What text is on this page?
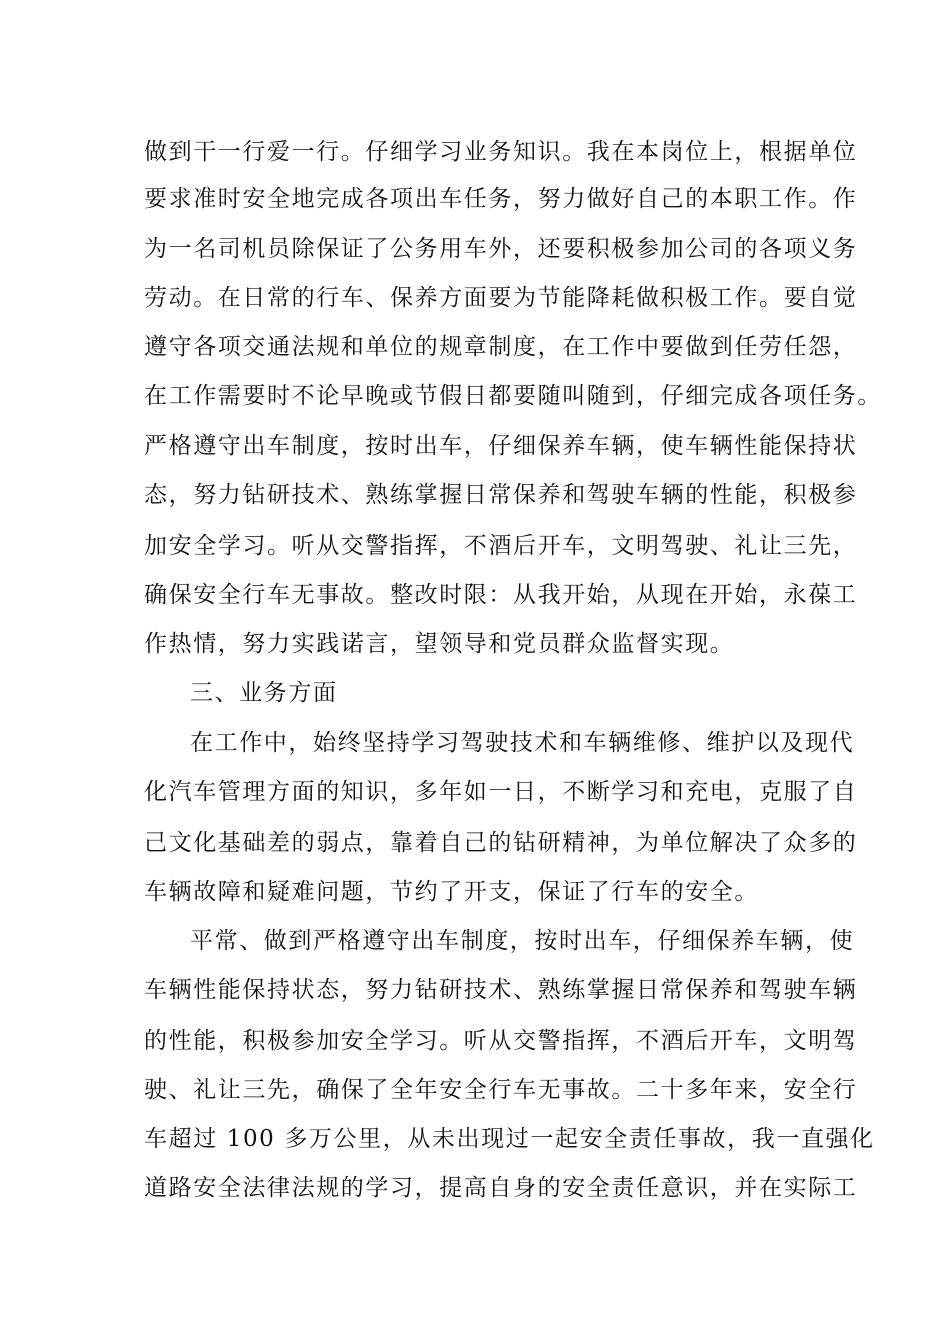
做到干一行爱一行。仔细学习业务知识。我在本岗位上，根据单位
要求准时安全地完成各项出车任务，努力做好自己的本职工作。作
为一名司机员除保证了公务用车外，还要积极参加公司的各项义务
劳动。在日常的行车、保养方面要为节能降耗做积极工作。要自觉
遵守各项交通法规和单位的规章制度，在工作中要做到任劳任怨，
在工作需要时不论早晚或节假日都要随叫随到，仔细完成各项任务。
严格遵守出车制度，按时出车，仔细保养车辆，使车辆性能保持状
态，努力钻研技术、熟练掌握日常保养和驾驶车辆的性能，积极参
加安全学习。听从交警指挥，不酒后开车，文明驾驶、礼让三先，
确保安全行车无事故。整改时限：从我开始，从现在开始，永葆工
作热情，努力实践诺言，望领导和党员群众监督实现。
三、业务方面
在工作中，始终坚持学习驾驶技术和车辆维修、维护以及现代
化汽车管理方面的知识，多年如一日，不断学习和充电，克服了自
己文化基础差的弱点，靠着自己的钻研精神，为单位解决了众多的
车辆故障和疑难问题，节约了开支，保证了行车的安全。
平常、做到严格遵守出车制度，按时出车，仔细保养车辆，使
车辆性能保持状态，努力钻研技术、熟练掌握日常保养和驾驶车辆
的性能，积极参加安全学习。听从交警指挥，不酒后开车，文明驾
驶、礼让三先，确保了全年安全行车无事故。二十多年来，安全行
车超过 100 多万公里，从未出现过一起安全责任事故，我一直强化
道路安全法律法规的学习，提高自身的安全责任意识，并在实际工
